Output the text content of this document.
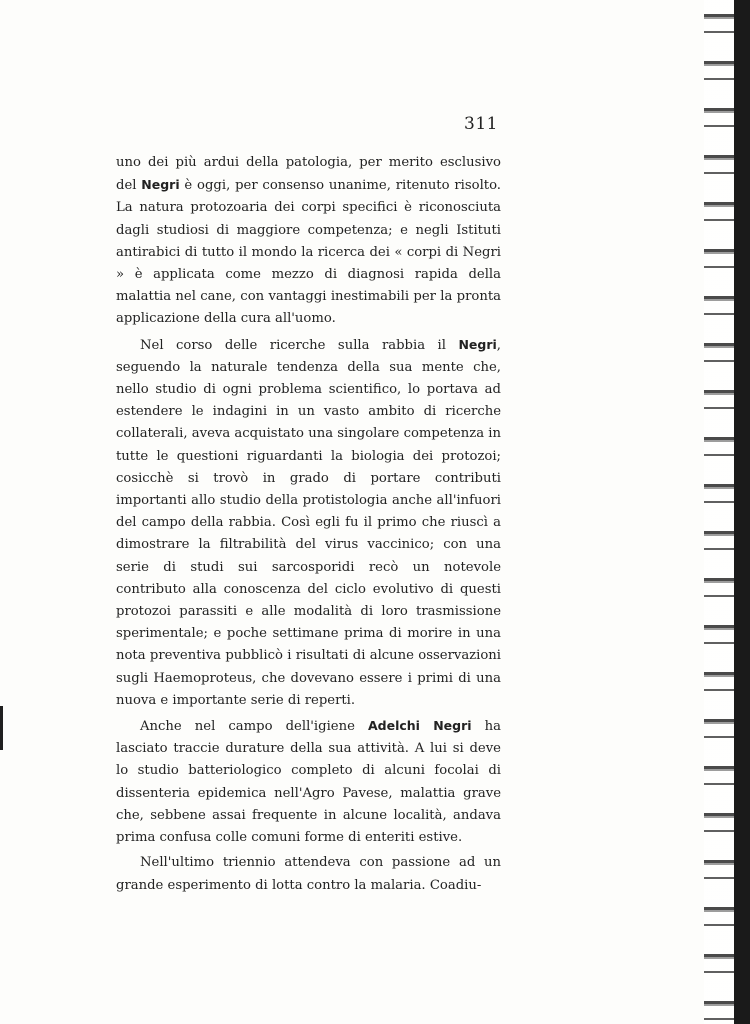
311

uno dei più ardui della patologia, per merito esclusivo del Negri è oggi, per consenso unanime, ritenuto risolto. La natura protozoaria dei corpi specifici è riconosciuta dagli studiosi di maggiore competenza; e negli Istituti antirabici di tutto il mondo la ricerca dei « corpi di Negri » è applicata come mezzo di diagnosi rapida della malattia nel cane, con vantaggi inestimabili per la pronta applicazione della cura all'uomo.

Nel corso delle ricerche sulla rabbia il Negri, seguendo la naturale tendenza della sua mente che, nello studio di ogni problema scientifico, lo portava ad estendere le indagini in un vasto ambito di ricerche collaterali, aveva acquistato una singolare competenza in tutte le questioni riguardanti la biologia dei protozoi; cosicchè si trovò in grado di portare contributi importanti allo studio della protistologia anche all'infuori del campo della rabbia. Così egli fu il primo che riuscì a dimostrare la filtrabilità del virus vaccinico; con una serie di studi sui sarcosporidi recò un notevole contributo alla conoscenza del ciclo evolutivo di questi protozoi parassiti e alle modalità di loro trasmissione sperimentale; e poche settimane prima di morire in una nota preventiva pubblicò i risultati di alcune osservazioni sugli Haemoproteus, che dovevano essere i primi di una nuova e importante serie di reperti.

Anche nel campo dell'igiene Adelchi Negri ha lasciato traccie durature della sua attività. A lui si deve lo studio batteriologico completo di alcuni focolai di dissenteria epidemica nell'Agro Pavese, malattia grave che, sebbene assai frequente in alcune località, andava prima confusa colle comuni forme di enteriti estive.

Nell'ultimo triennio attendeva con passione ad un grande esperimento di lotta contro la malaria. Coadiu-
